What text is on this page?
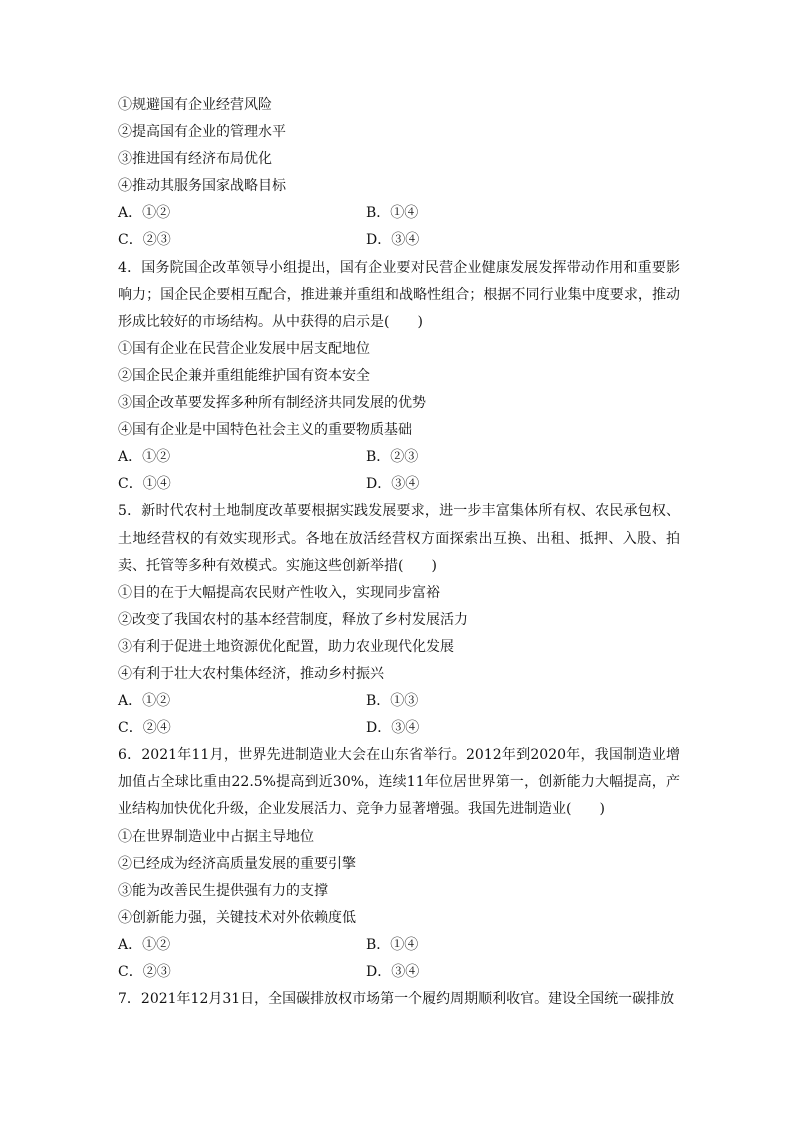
①规避国有企业经营风险
②提高国有企业的管理水平
③推进国有经济布局优化
④推动其服务国家战略目标
A．①②	B．①④
C．②③	D．③④
4．国务院国企改革领导小组提出，国有企业要对民营企业健康发展发挥带动作用和重要影响力；国企民企要相互配合，推进兼并重组和战略性组合；根据不同行业集中度要求，推动形成比较好的市场结构。从中获得的启示是(　　)
①国有企业在民营企业发展中居支配地位
②国企民企兼并重组能维护国有资本安全
③国企改革要发挥多种所有制经济共同发展的优势
④国有企业是中国特色社会主义的重要物质基础
A．①②	B．②③
C．①④	D．③④
5．新时代农村土地制度改革要根据实践发展要求，进一步丰富集体所有权、农民承包权、土地经营权的有效实现形式。各地在放活经营权方面探索出互换、出租、抵押、入股、拍卖、托管等多种有效模式。实施这些创新举措(　　)
①目的在于大幅提高农民财产性收入，实现同步富裕
②改变了我国农村的基本经营制度，释放了乡村发展活力
③有利于促进土地资源优化配置，助力农业现代化发展
④有利于壮大农村集体经济，推动乡村振兴
A．①②	B．①③
C．②④	D．③④
6．2021年11月，世界先进制造业大会在山东省举行。2012年到2020年，我国制造业增加值占全球比重由22.5%提高到近30%，连续11年位居世界第一，创新能力大幅提高，产业结构加快优化升级，企业发展活力、竞争力显著增强。我国先进制造业(　　)
①在世界制造业中占据主导地位
②已经成为经济高质量发展的重要引擎
③能为改善民生提供强有力的支撑
④创新能力强，关键技术对外依赖度低
A．①②	B．①④
C．②③	D．③④
7．2021年12月31日，全国碳排放权市场第一个履约周期顺利收官。建设全国统一碳排放
